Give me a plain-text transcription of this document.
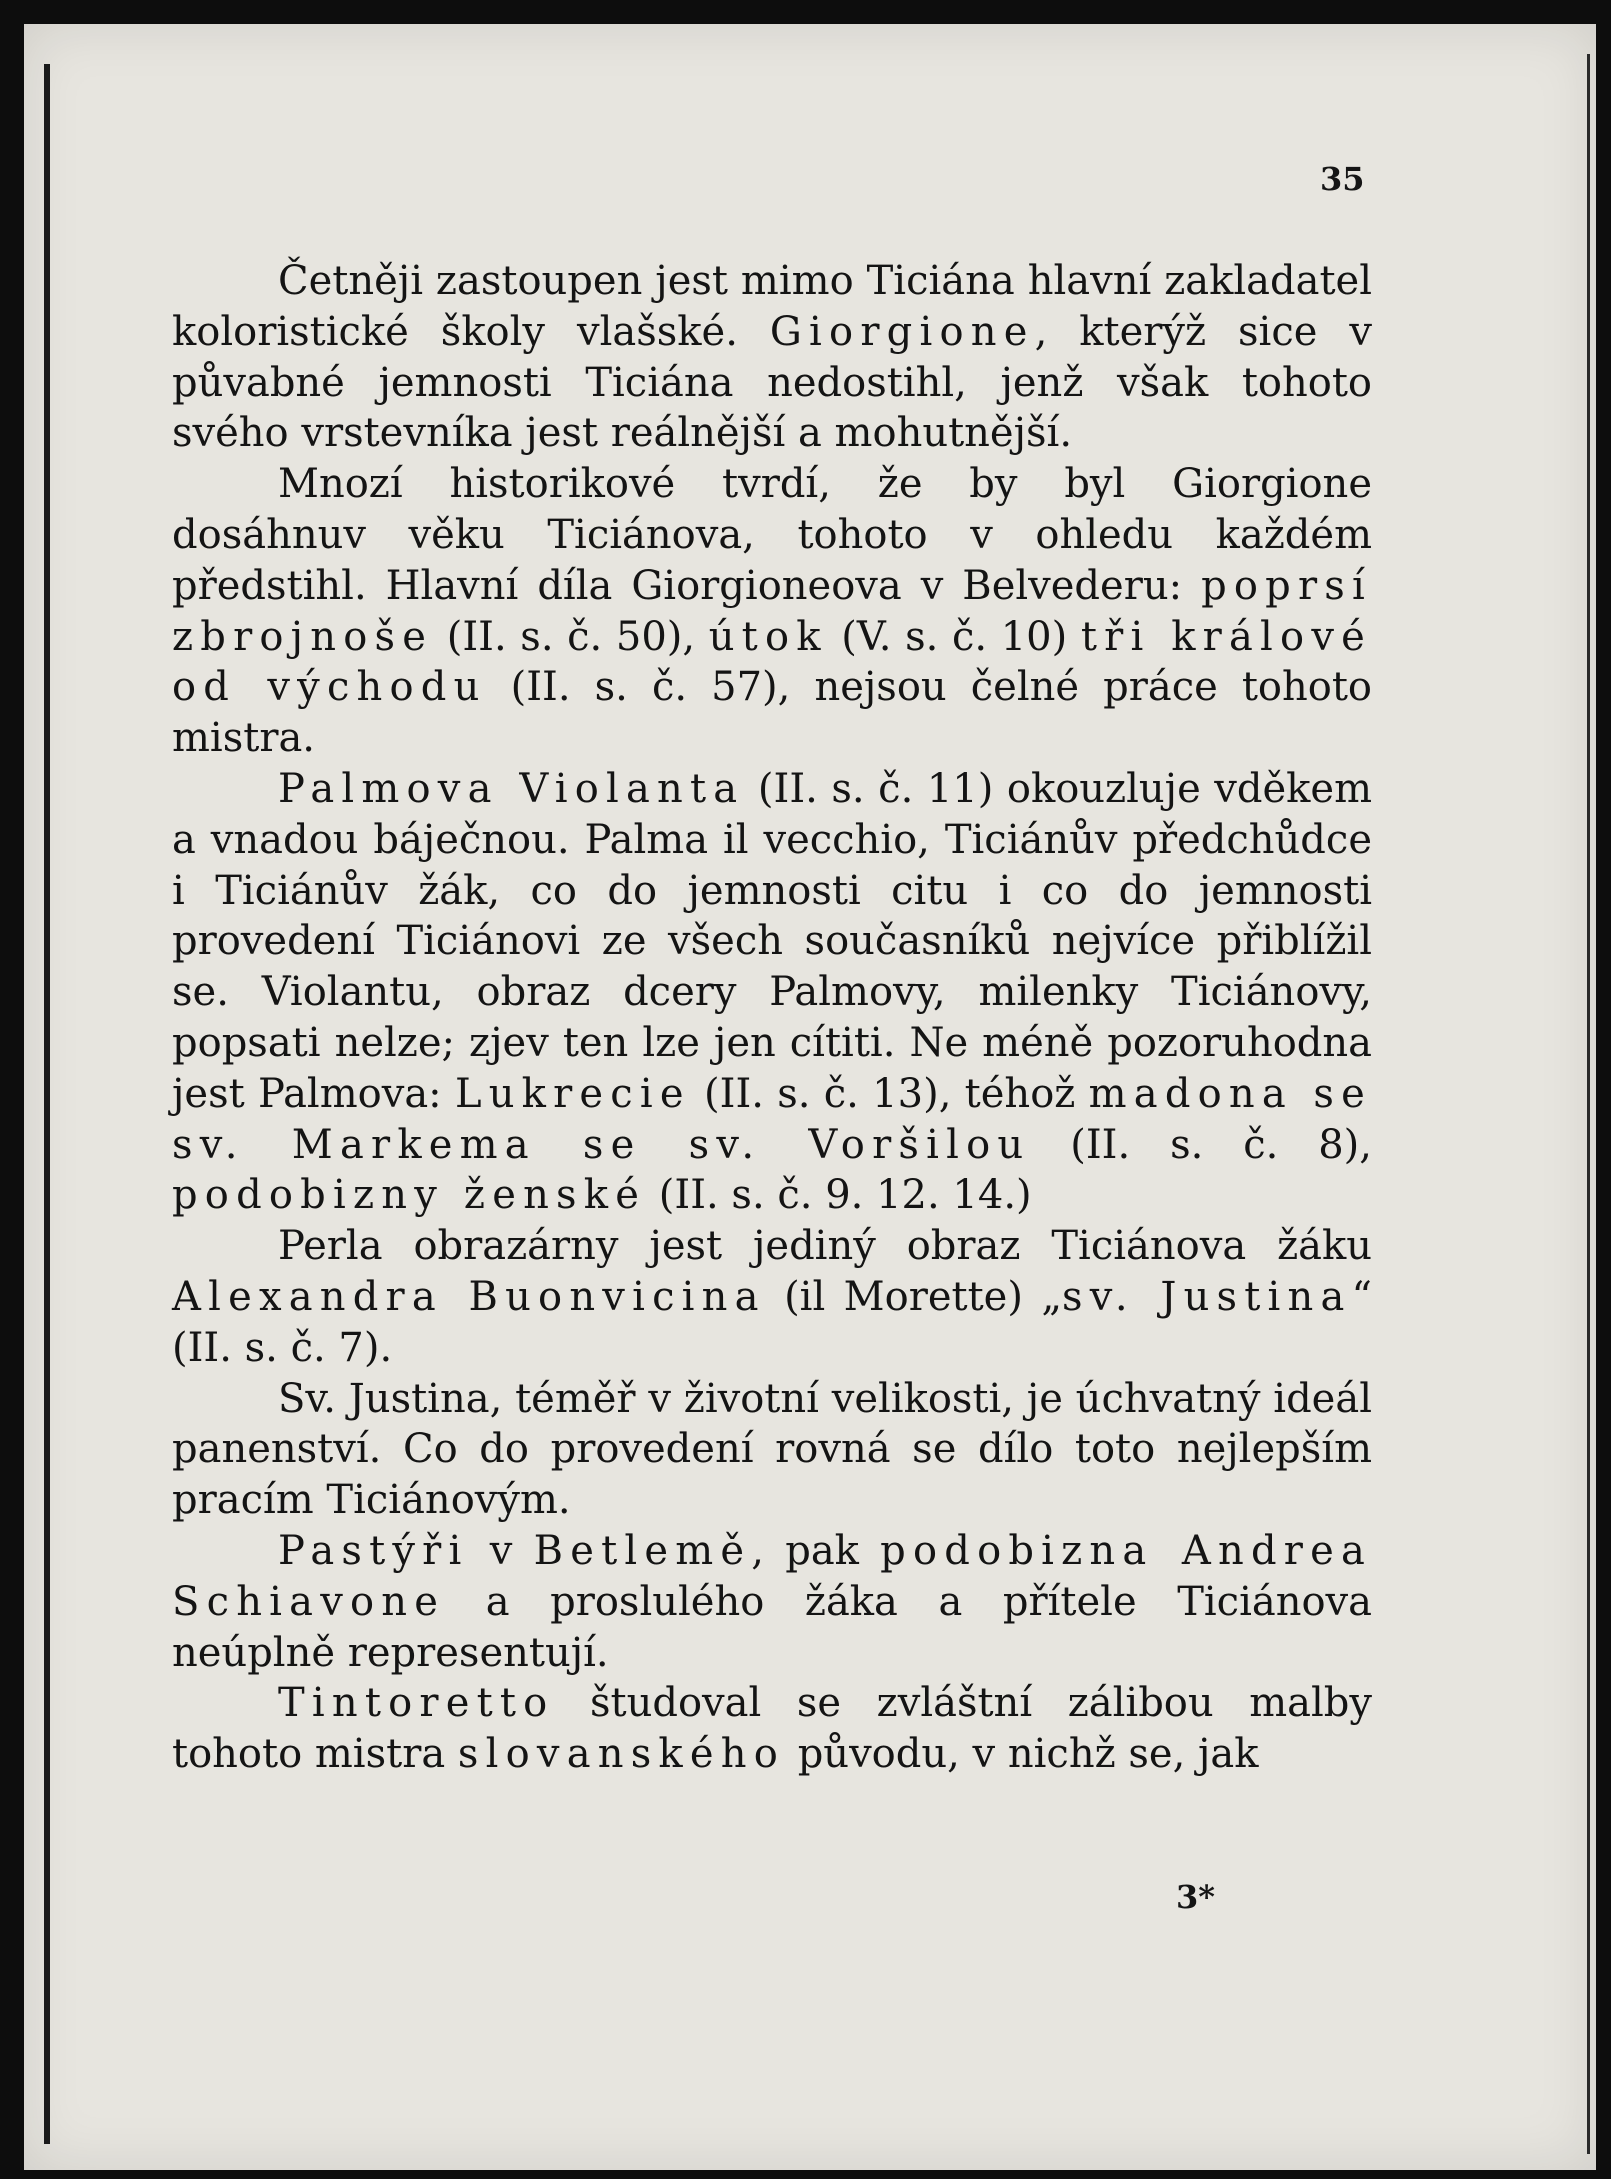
35

Četněji zastoupen jest mimo Ticiána hlavní zakladatel koloristické školy vlašské. Giorgione, kterýž sice v půvabné jemnosti Ticiána nedostihl, jenž však tohoto svého vrstevníka jest reálnější a mohutnější.

Mnozí historikové tvrdí, že by byl Giorgione dosáhnuv věku Ticiánova, tohoto v ohledu každém předstihl. Hlavní díla Giorgioneova v Belvederu: poprsí zbrojnoše (II. s. č. 50), útok (V. s. č. 10) tři králové od východu (II. s. č. 57), nejsou čelné práce tohoto mistra.

Palmova Violanta (II. s. č. 11) okouzluje vděkem a vnadou báječnou. Palma il vecchio, Ticiánův předchůdce i Ticiánův žák, co do jemnosti citu i co do jemnosti provedení Ticiánovi ze všech současníků nejvíce přiblížil se. Violantu, obraz dcery Palmovy, milenky Ticiánovy, popsati nelze; zjev ten lze jen cítiti. Ne méně pozoruhodna jest Palmova: Lukrecie (II. s. č. 13), téhož madona se sv. Markema se sv. Voršilou (II. s. č. 8), podobizny ženské (II. s. č. 9. 12. 14.)

Perla obrazárny jest jediný obraz Ticiánova žáku Alexandra Buonvicina (il Morette) „sv. Justina“ (II. s. č. 7).

Sv. Justina, téměř v životní velikosti, je úchvatný ideál panenství. Co do provedení rovná se dílo toto nejlepším pracím Ticiánovým.

Pastýři v Betlemě, pak podobizna Andrea Schiavone a proslulého žáka a přítele Ticiánova neúplně representují.

Tintoretto študoval se zvláštní zálibou malby tohoto mistra slovanského původu, v nichž se, jak

3*
